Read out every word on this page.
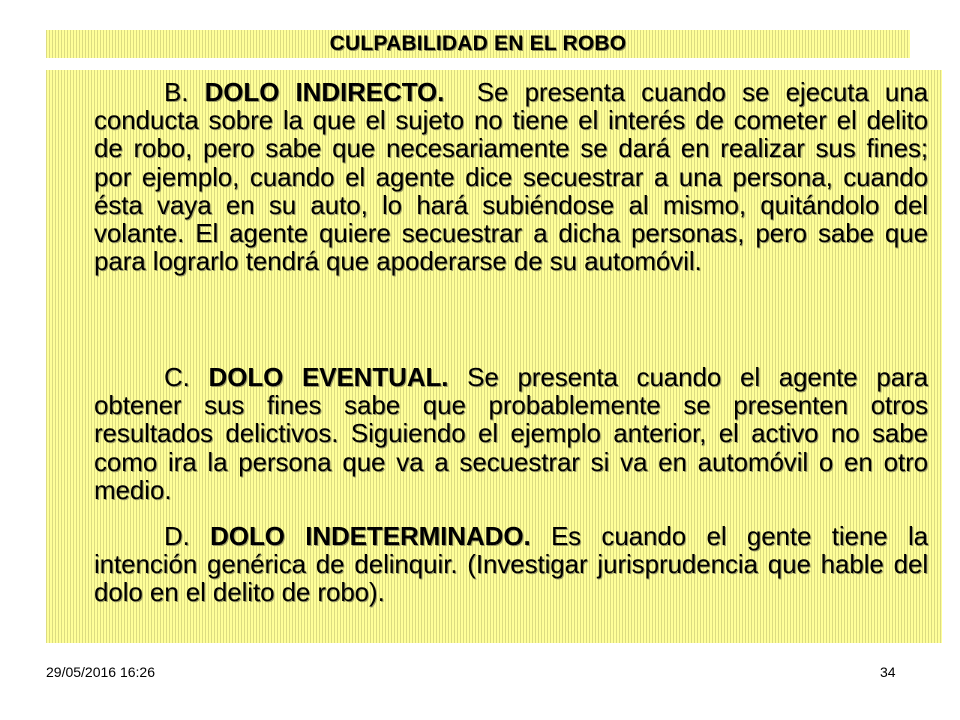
CULPABILIDAD EN EL ROBO

B. DOLO INDIRECTO. Se presenta cuando se ejecuta una conducta sobre la que el sujeto no tiene el interés de cometer el delito de robo, pero sabe que necesariamente se dará en realizar sus fines; por ejemplo, cuando el agente dice secuestrar a una persona, cuando ésta vaya en su auto, lo hará subiéndose al mismo, quitándolo del volante. El agente quiere secuestrar a dicha personas, pero sabe que para lograrlo tendrá que apoderarse de su automóvil.

C. DOLO EVENTUAL. Se presenta cuando el agente para obtener sus fines sabe que probablemente se presenten otros resultados delictivos. Siguiendo el ejemplo anterior, el activo no sabe como ira la persona que va a secuestrar si va en automóvil o en otro medio.

D. DOLO INDETERMINADO. Es cuando el gente tiene la intención genérica de delinquir. (Investigar jurisprudencia que hable del dolo en el delito de robo).

29/05/2016 16:26	34
